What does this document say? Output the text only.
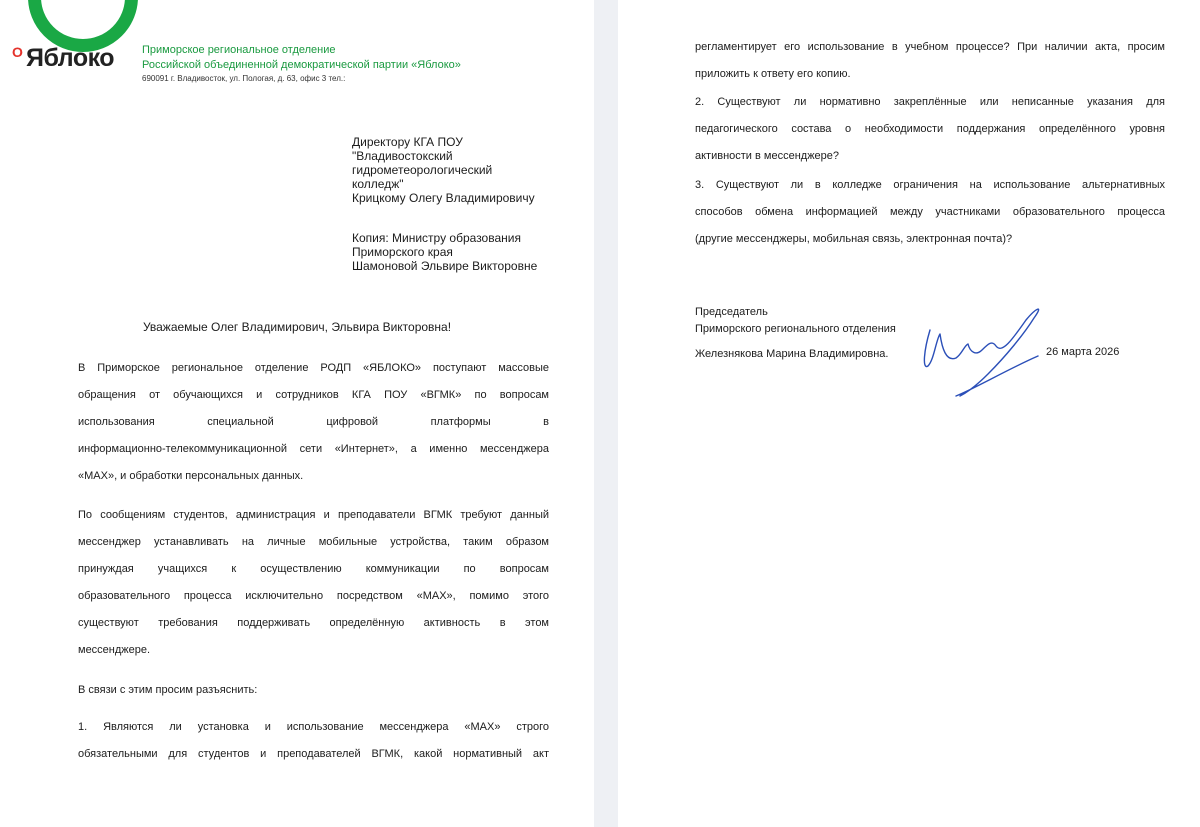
O Яблоко	Приморское региональное отделение
Российской объединенной демократической партии «Яблоко»
690091 г. Владивосток, ул. Пологая, д. 63, офис 3 тел.:
Директору КГА ПОУ
"Владивостокский
гидрометеорологический
колледж"
Крицкому Олегу Владимировичу
Копия: Министру образования
Приморского края
Шамоновой Эльвире Викторовне
Уважаемые Олег Владимирович, Эльвира Викторовна!
В Приморское региональное отделение РОДП «ЯБЛОКО» поступают массовые
обращения от обучающихся и сотрудников КГА ПОУ «ВГМК» по вопросам
использования специальной цифровой платформы в
информационно-телекоммуникационной сети «Интернет», а именно мессенджера
«MAX», и обработки персональных данных.
По сообщениям студентов, администрация и преподаватели ВГМК требуют данный
мессенджер устанавливать на личные мобильные устройства, таким образом
принуждая учащихся к осуществлению коммуникации по вопросам
образовательного процесса исключительно посредством «MAX», помимо этого
существуют требования поддерживать определённую активность в этом
мессенджере.
В связи с этим просим разъяснить:
1. Являются ли установка и использование мессенджера «MAX» строго
обязательными для студентов и преподавателей ВГМК, какой нормативный акт
регламентирует его использование в учебном процессе? При наличии акта, просим
приложить к ответу его копию.
2. Существуют ли нормативно закреплённые или неписанные указания для
педагогического состава о необходимости поддержания определённого уровня
активности в мессенджере?
3. Существуют ли в колледже ограничения на использование альтернативных
способов обмена информацией между участниками образовательного процесса
(другие мессенджеры, мобильная связь, электронная почта)?
Председатель
Приморского регионального отделения
Железнякова Марина Владимировна.	26 марта 2026
